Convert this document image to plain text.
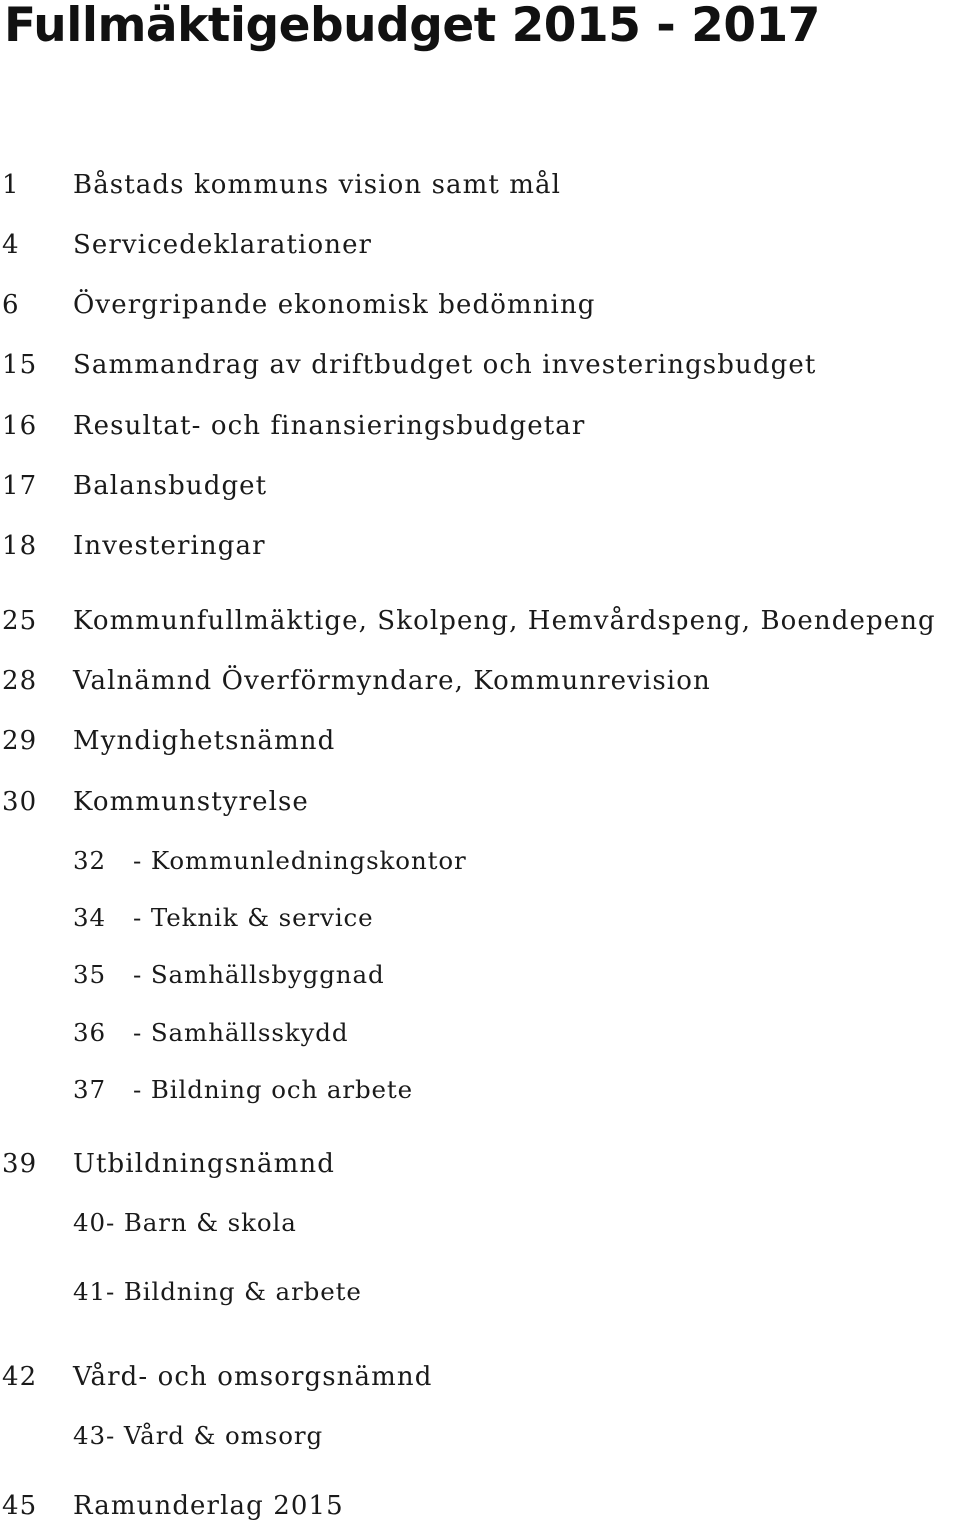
Fullmäktigebudget 2015 - 2017
1 Båstads kommuns vision samt mål
4 Servicedeklarationer
6 Övergripande ekonomisk bedömning
15 Sammandrag av driftbudget och investeringsbudget
16 Resultat- och finansieringsbudgetar
17 Balansbudget
18 Investeringar
25 Kommunfullmäktige, Skolpeng, Hemvårdspeng, Boendepeng
28 Valnämnd Överförmyndare, Kommunrevision
29 Myndighetsnämnd
30 Kommunstyrelse
32 - Kommunledningskontor
34 - Teknik & service
35 - Samhällsbyggnad
36 - Samhällsskydd
37 - Bildning och arbete
39 Utbildningsnämnd
40- Barn & skola
41- Bildning & arbete
42 Vård- och omsorgsnämnd
43- Vård & omsorg
45 Ramunderlag 2015
